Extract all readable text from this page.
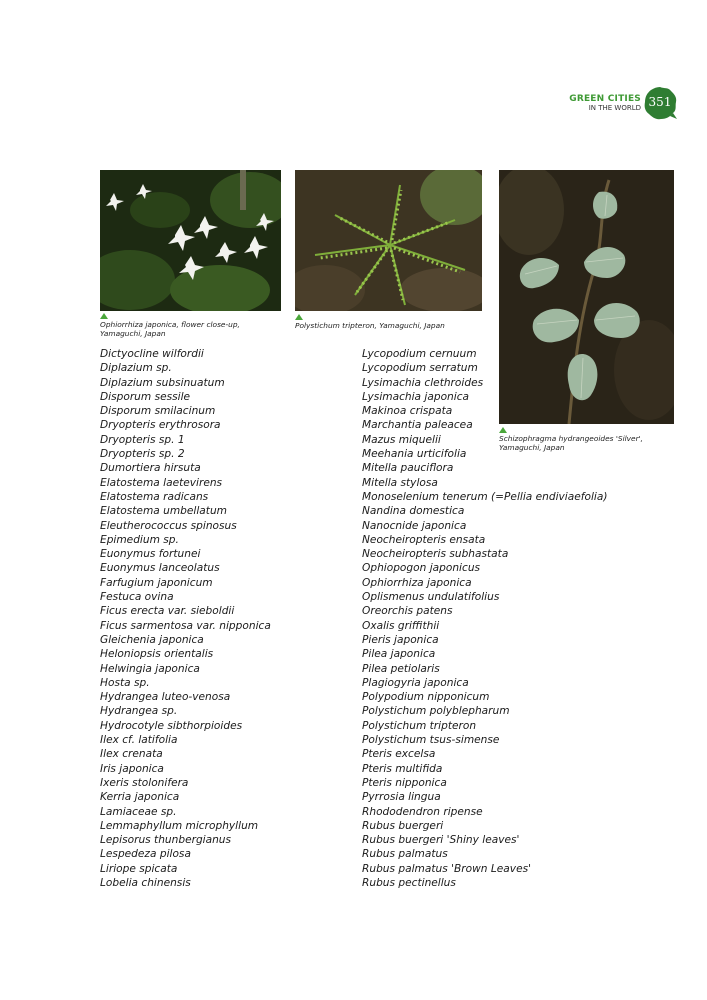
GREEN CITIES
IN THE WORLD 351
Ophiorrhiza japonica, flower close-up,
Yamaguchi, Japan
Polystichum tripteron, Yamaguchi, Japan
Schizophragma hydrangeoides 'Silver',
Yamaguchi, Japan
Dictyocline wilfordii
Diplazium sp.
Diplazium subsinuatum
Disporum sessile
Disporum smilacinum
Dryopteris erythrosora
Dryopteris sp. 1
Dryopteris sp. 2
Dumortiera hirsuta
Elatostema laetevirens
Elatostema radicans
Elatostema umbellatum
Eleutherococcus spinosus
Epimedium sp.
Euonymus fortunei
Euonymus lanceolatus
Farfugium japonicum
Festuca ovina
Ficus erecta var. sieboldii
Ficus sarmentosa var. nipponica
Gleichenia japonica
Heloniopsis orientalis
Helwingia japonica
Hosta sp.
Hydrangea luteo-venosa
Hydrangea sp.
Hydrocotyle sibthorpioides
Ilex cf. latifolia
Ilex crenata
Iris japonica
Ixeris stolonifera
Kerria japonica
Lamiaceae sp.
Lemmaphyllum microphyllum
Lepisorus thunbergianus
Lespedeza pilosa
Liriope spicata
Lobelia chinensis
Lycopodium cernuum
Lycopodium serratum
Lysimachia clethroides
Lysimachia japonica
Makinoa crispata
Marchantia paleacea
Mazus miquelii
Meehania urticifolia
Mitella pauciflora
Mitella stylosa
Monoselenium tenerum (=Pellia endiviaefolia)
Nandina domestica
Nanocnide japonica
Neocheiropteris ensata
Neocheiropteris subhastata
Ophiopogon japonicus
Ophiorrhiza japonica
Oplismenus undulatifolius
Oreorchis patens
Oxalis griffithii
Pieris japonica
Pilea japonica
Pilea petiolaris
Plagiogyria japonica
Polypodium nipponicum
Polystichum polyblepharum
Polystichum tripteron
Polystichum tsus-simense
Pteris excelsa
Pteris multifida
Pteris nipponica
Pyrrosia lingua
Rhododendron ripense
Rubus buergeri
Rubus buergeri 'Shiny leaves'
Rubus palmatus
Rubus palmatus 'Brown Leaves'
Rubus pectinellus
